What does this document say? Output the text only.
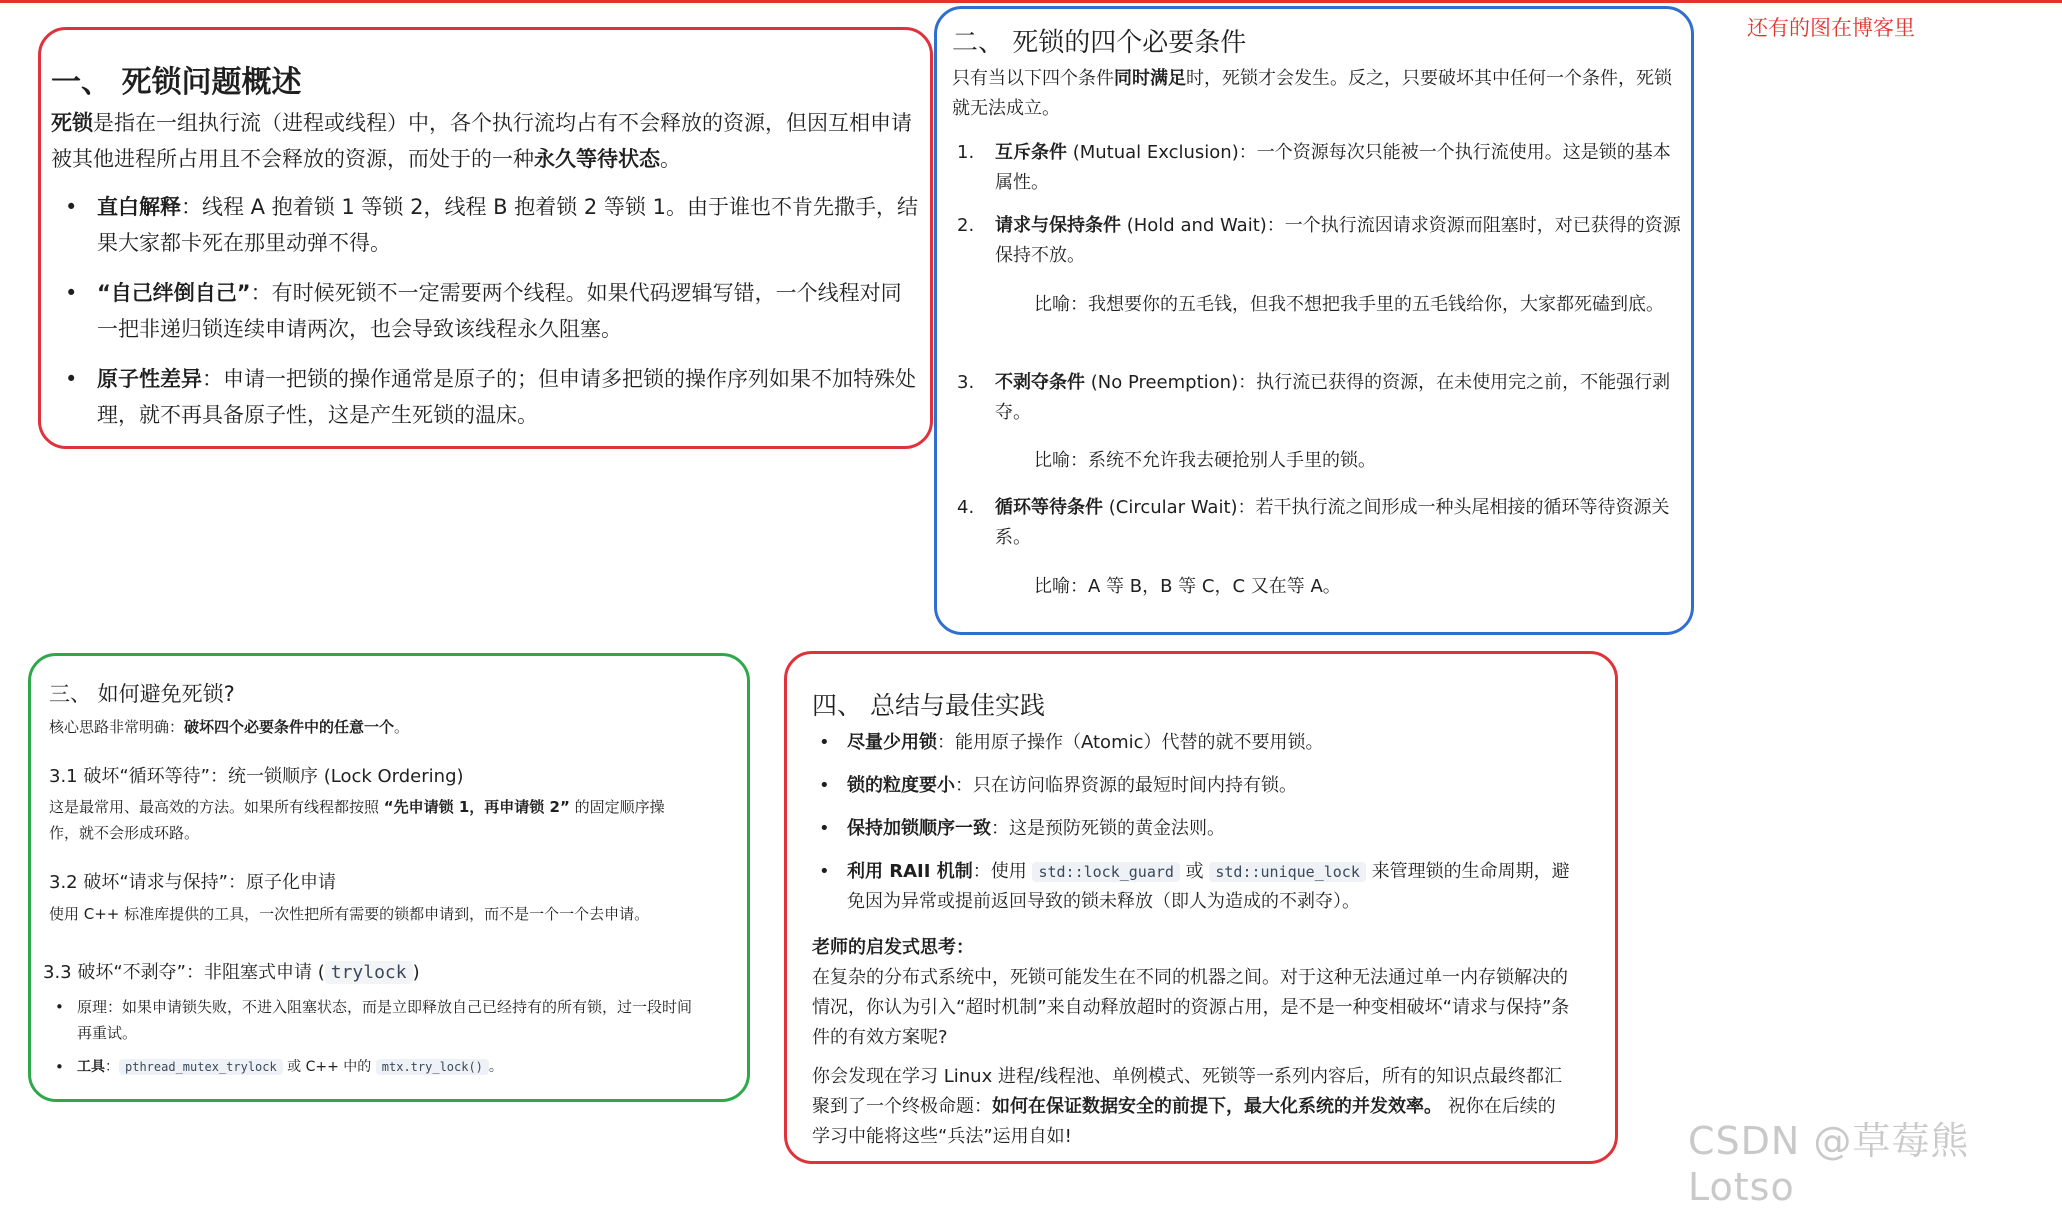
还有的图在博客里
一、 死锁问题概述
死锁是指在一组执行流（进程或线程）中，各个执行流均占有不会释放的资源，但因互相申请被其他进程所占用且不会释放的资源，而处于的一种永久等待状态。
• 直白解释：线程 A 抱着锁 1 等锁 2，线程 B 抱着锁 2 等锁 1。由于谁也不肯先撒手，结果大家都卡死在那里动弹不得。
• “自己绊倒自己”：有时候死锁不一定需要两个线程。如果代码逻辑写错，一个线程对同一把非递归锁连续申请两次，也会导致该线程永久阻塞。
• 原子性差异：申请一把锁的操作通常是原子的；但申请多把锁的操作序列如果不加特殊处理，就不再具备原子性，这是产生死锁的温床。
二、 死锁的四个必要条件
只有当以下四个条件同时满足时，死锁才会发生。反之，只要破坏其中任何一个条件，死锁就无法成立。
1. 互斥条件 (Mutual Exclusion)：一个资源每次只能被一个执行流使用。这是锁的基本属性。
2. 请求与保持条件 (Hold and Wait)：一个执行流因请求资源而阻塞时，对已获得的资源保持不放。
比喻：我想要你的五毛钱，但我不想把我手里的五毛钱给你，大家都死磕到底。
3. 不剥夺条件 (No Preemption)：执行流已获得的资源，在未使用完之前，不能强行剥夺。
比喻：系统不允许我去硬抢别人手里的锁。
4. 循环等待条件 (Circular Wait)：若干执行流之间形成一种头尾相接的循环等待资源关系。
比喻：A 等 B，B 等 C，C 又在等 A。
三、 如何避免死锁?
核心思路非常明确：破坏四个必要条件中的任意一个。
3.1 破坏“循环等待”：统一锁顺序 (Lock Ordering)
这是最常用、最高效的方法。如果所有线程都按照 “先申请锁 1，再申请锁 2” 的固定顺序操作，就不会形成环路。
3.2 破坏“请求与保持”：原子化申请
使用 C++ 标准库提供的工具，一次性把所有需要的锁都申请到，而不是一个一个去申请。
3.3 破坏“不剥夺”：非阻塞式申请 ( trylock )
• 原理：如果申请锁失败，不进入阻塞状态，而是立即释放自己已经持有的所有锁，过一段时间再重试。
• 工具： pthread_mutex_trylock 或 C++ 中的 mtx.try_lock() 。
四、 总结与最佳实践
• 尽量少用锁：能用原子操作（Atomic）代替的就不要用锁。
• 锁的粒度要小：只在访问临界资源的最短时间内持有锁。
• 保持加锁顺序一致：这是预防死锁的黄金法则。
• 利用 RAII 机制：使用 std::lock_guard 或 std::unique_lock 来管理锁的生命周期，避免因为异常或提前返回导致的锁未释放（即人为造成的不剥夺）。
老师的启发式思考：
在复杂的分布式系统中，死锁可能发生在不同的机器之间。对于这种无法通过单一内存锁解决的情况，你认为引入“超时机制”来自动释放超时的资源占用，是不是一种变相破坏“请求与保持”条件的有效方案呢?
你会发现在学习 Linux 进程/线程池、单例模式、死锁等一系列内容后，所有的知识点最终都汇聚到了一个终极命题：如何在保证数据安全的前提下，最大化系统的并发效率。 祝你在后续的学习中能将这些“兵法”运用自如!	CSDN @草莓熊Lotso
